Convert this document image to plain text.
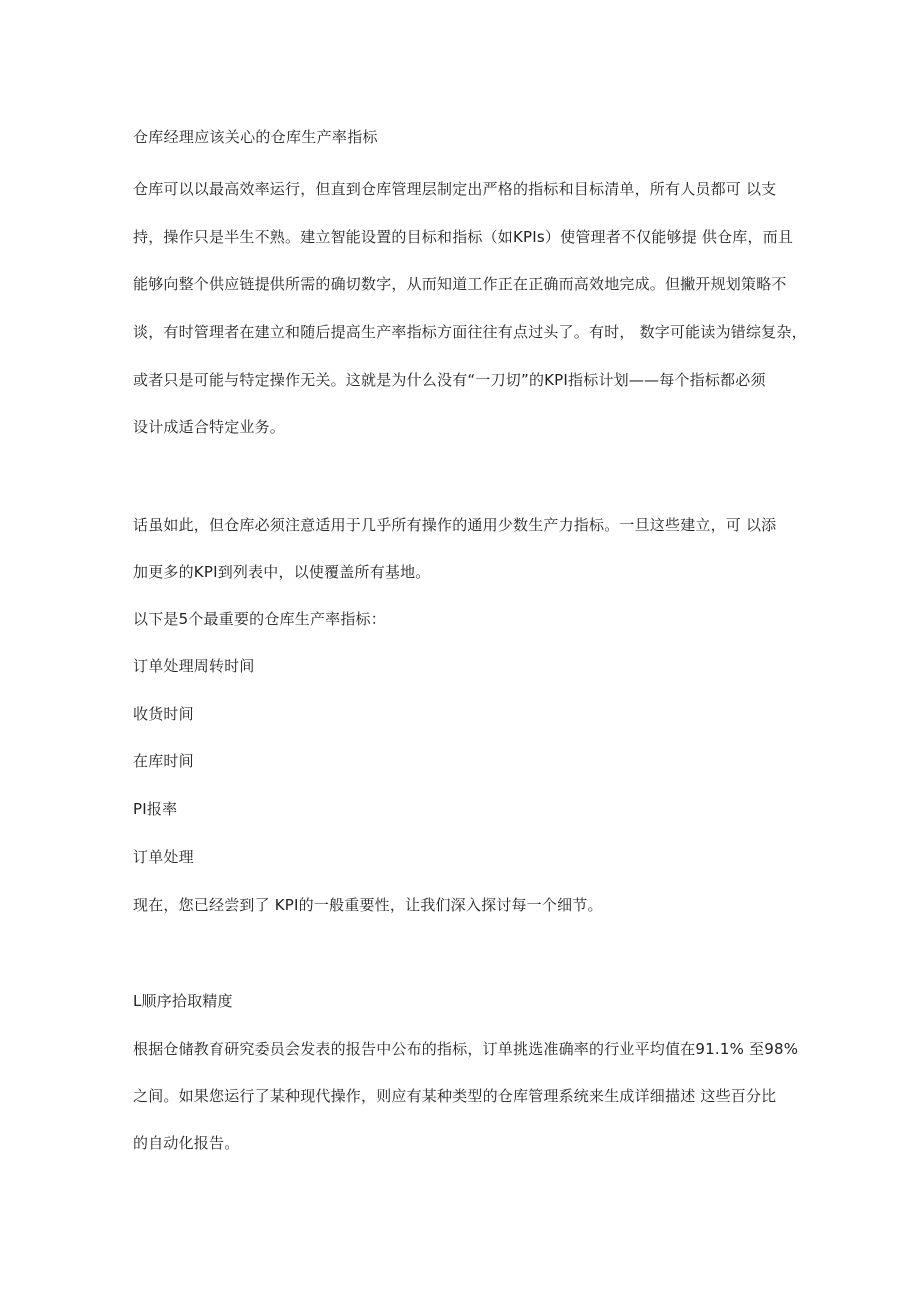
仓库经理应该关心的仓库生产率指标
仓库可以以最高效率运行，但直到仓库管理层制定出严格的指标和目标清单，所有人员都可 以支
持，操作只是半生不熟。建立智能设置的目标和指标（如KPIs）使管理者不仅能够提 供仓库，而且
能够向整个供应链提供所需的确切数字，从而知道工作正在正确而高效地完成。但撇开规划策略不
谈，有时管理者在建立和随后提高生产率指标方面往往有点过头了。有时， 数字可能读为错综复杂，
或者只是可能与特定操作无关。这就是为什么没有“一刀切”的KPI指标计划——每个指标都必须
设计成适合特定业务。
话虽如此，但仓库必须注意适用于几乎所有操作的通用少数生产力指标。一旦这些建立，可 以添
加更多的KPI到列表中，以使覆盖所有基地。
以下是5个最重要的仓库生产率指标：
订单处理周转时间
收货时间
在库时间
PI报率
订单处理
现在，您已经尝到了 KPI的一般重要性，让我们深入探讨每一个细节。
L顺序拾取精度
根据仓储教育研究委员会发表的报告中公布的指标，订单挑选准确率的行业平均值在91.1% 至98%
之间。如果您运行了某种现代操作，则应有某种类型的仓库管理系统来生成详细描述 这些百分比
的自动化报告。
